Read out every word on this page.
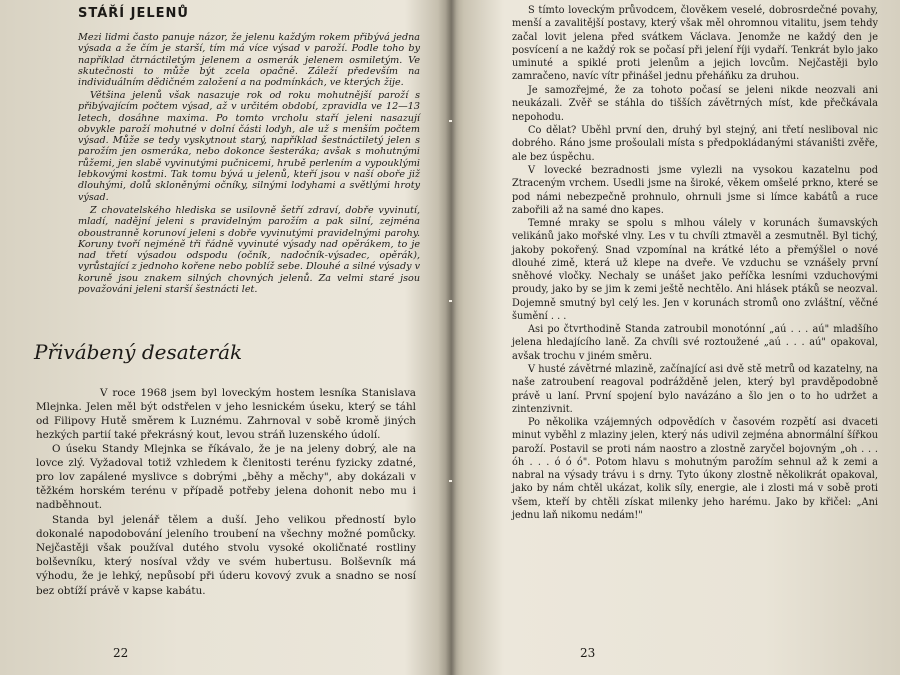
STÁŘÍ JELENŮ

Mezi lidmi často panuje názor, že jelenu každým rokem přibývá jedna výsada a že čím je starší, tím má více výsad v paroží. Podle toho by například čtrnáctiletým jelenem a osmerák jelenem osmiletým. Ve skutečnosti to může být zcela opačně. Záleží především na individuálním dědičném založení a na podmínkách, ve kterých žije.

Většina jelenů však nasazuje rok od roku mohutnější paroží s přibývajícím počtem výsad, až v určitém období, zpravidla ve 12—13 letech, dosáhne maxima. Po tomto vrcholu staří jeleni nasazují obvykle paroží mohutné v dolní části lodyh, ale už s menším počtem výsad. Může se tedy vyskytnout starý, například šestnáctiletý jelen s parožím jen osmeráka, nebo dokonce šesteráka; avšak s mohutnými růžemi, jen slabě vyvinutými pučnicemi, hrubě perlením a vypouklými lebkovými kostmi. Tak tomu bývá u jelenů, kteří jsou v naší oboře již dlouhými, dolů skloněnými očníky, silnými lodyhami a světlými hroty výsad.

Z chovatelského hlediska se usilovně šetří zdraví, dobře vyvinutí, mladí, nadějní jeleni s pravidelným parožím a pak silní, zejména oboustranně korunoví jeleni s dobře vyvinutými pravidelnými parohy. Koruny tvoří nejméně tři řádně vyvinuté výsady nad opěrákem, to je nad třetí výsadou odspodu (očník, nadočník-výsadec, opěrák), vyrůstající z jednoho kořene nebo poblíž sebe. Dlouhé a silné výsady v koruně jsou znakem silných chovných jelenů. Za velmi staré jsou považováni jeleni starší šestnácti let.

Přivábený desaterák

V roce 1968 jsem byl loveckým hostem lesníka Stanislava Mlejnka. Jelen měl být odstřelen v jeho lesnickém úseku, který se táhl od Filipovy Hutě směrem k Luznému. Zahrnoval v sobě kromě jiných hezkých partií také překrásný kout, levou stráň luzenského údolí.

O úseku Standy Mlejnka se říkávalo, že je na jeleny dobrý, ale na lovce zlý. Vyžadoval totiž vzhledem k členitosti terénu fyzicky zdatné, pro lov zapálené myslivce s dobrými „běhy a měchy", aby dokázali v těžkém horském terénu v případě potřeby jelena dohonit nebo mu i nadběhnout.

Standa byl jelenář tělem a duší. Jeho velikou předností bylo dokonalé napodobování jeleního troubení na všechny možné pomůcky. Nejčastěji však používal dutého stvolu vysoké okoličnaté rostliny bolševníku, který nosíval vždy ve svém hubertusu. Bolševník má výhodu, že je lehký, nepůsobí při úderu kovový zvuk a snadno se nosí bez obtíží právě v kapse kabátu.

22

S tímto loveckým průvodcem, člověkem veselé, dobrosrdečné povahy, menší a zavalitější postavy, který však měl ohromnou vitalitu, jsem tehdy začal lovit jelena před svátkem Václava. Jenomže ne každý den je posvícení a ne každý rok se počasí při jelení říji vydaří. Tenkrát bylo jako uminuté a spiklé proti jelenům a jejich lovcům. Nejčastěji bylo zamračeno, navíc vítr přinášel jednu přeháňku za druhou.

Je samozřejmé, že za tohoto počasí se jeleni nikde neozvali ani neukázali. Zvěř se stáhla do tišších závětrných míst, kde přečkávala nepohodu.

Co dělat? Uběhl první den, druhý byl stejný, ani třetí nesliboval nic dobrého. Ráno jsme prošoulali místa s předpokládanými stávaništi zvěře, ale bez úspěchu.

V lovecké bezradnosti jsme vylezli na vysokou kazatelnu pod Ztraceným vrchem. Usedli jsme na široké, věkem omšelé prkno, které se pod námi nebezpečně prohnulo, ohrnuli jsme si límce kabátů a ruce zabořili až na samé dno kapes.

Temné mraky se spolu s mlhou válely v korunách šumavských velikánů jako mořské vlny. Les v tu chvíli ztmavěl a zesmutněl. Byl tichý, jakoby pokořený. Snad vzpomínal na krátké léto a přemýšlel o nové dlouhé zimě, která už klepe na dveře. Ve vzduchu se vznášely první sněhové vločky. Nechaly se unášet jako peříčka lesními vzduchovými proudy, jako by se jim k zemi ještě nechtělo. Ani hlásek ptáků se neozval. Dojemně smutný byl celý les. Jen v korunách stromů ono zvláštní, věčné šumění . . .

Asi po čtvrthodině Standa zatroubil monotónní „aú . . . aú" mladšího jelena hledajícího laně. Za chvíli své roztoužené „aú . . . aú" opakoval, avšak trochu v jiném směru.

V husté závětrné mlazině, začínající asi dvě stě metrů od kazatelny, na naše zatroubení reagoval podrážděně jelen, který byl pravděpodobně právě u laní. První spojení bylo navázáno a šlo jen o to ho udržet a zintenzivnit.

Po několika vzájemných odpovědích v časovém rozpětí asi dvaceti minut vyběhl z mlaziny jelen, který nás udivil zejména abnormální šířkou paroží. Postavil se proti nám naostro a zlostně zaryčel bojovným „oh . . . óh . . . ó ó ó". Potom hlavu s mohutným parožím sehnul až k zemi a nabral na výsady trávu i s drny. Tyto úkony zlostně několikrát opakoval, jako by nám chtěl ukázat, kolik síly, energie, ale i zlosti má v sobě proti všem, kteří by chtěli získat milenky jeho harému. Jako by křičel: „Ani jednu laň nikomu nedám!"

23
